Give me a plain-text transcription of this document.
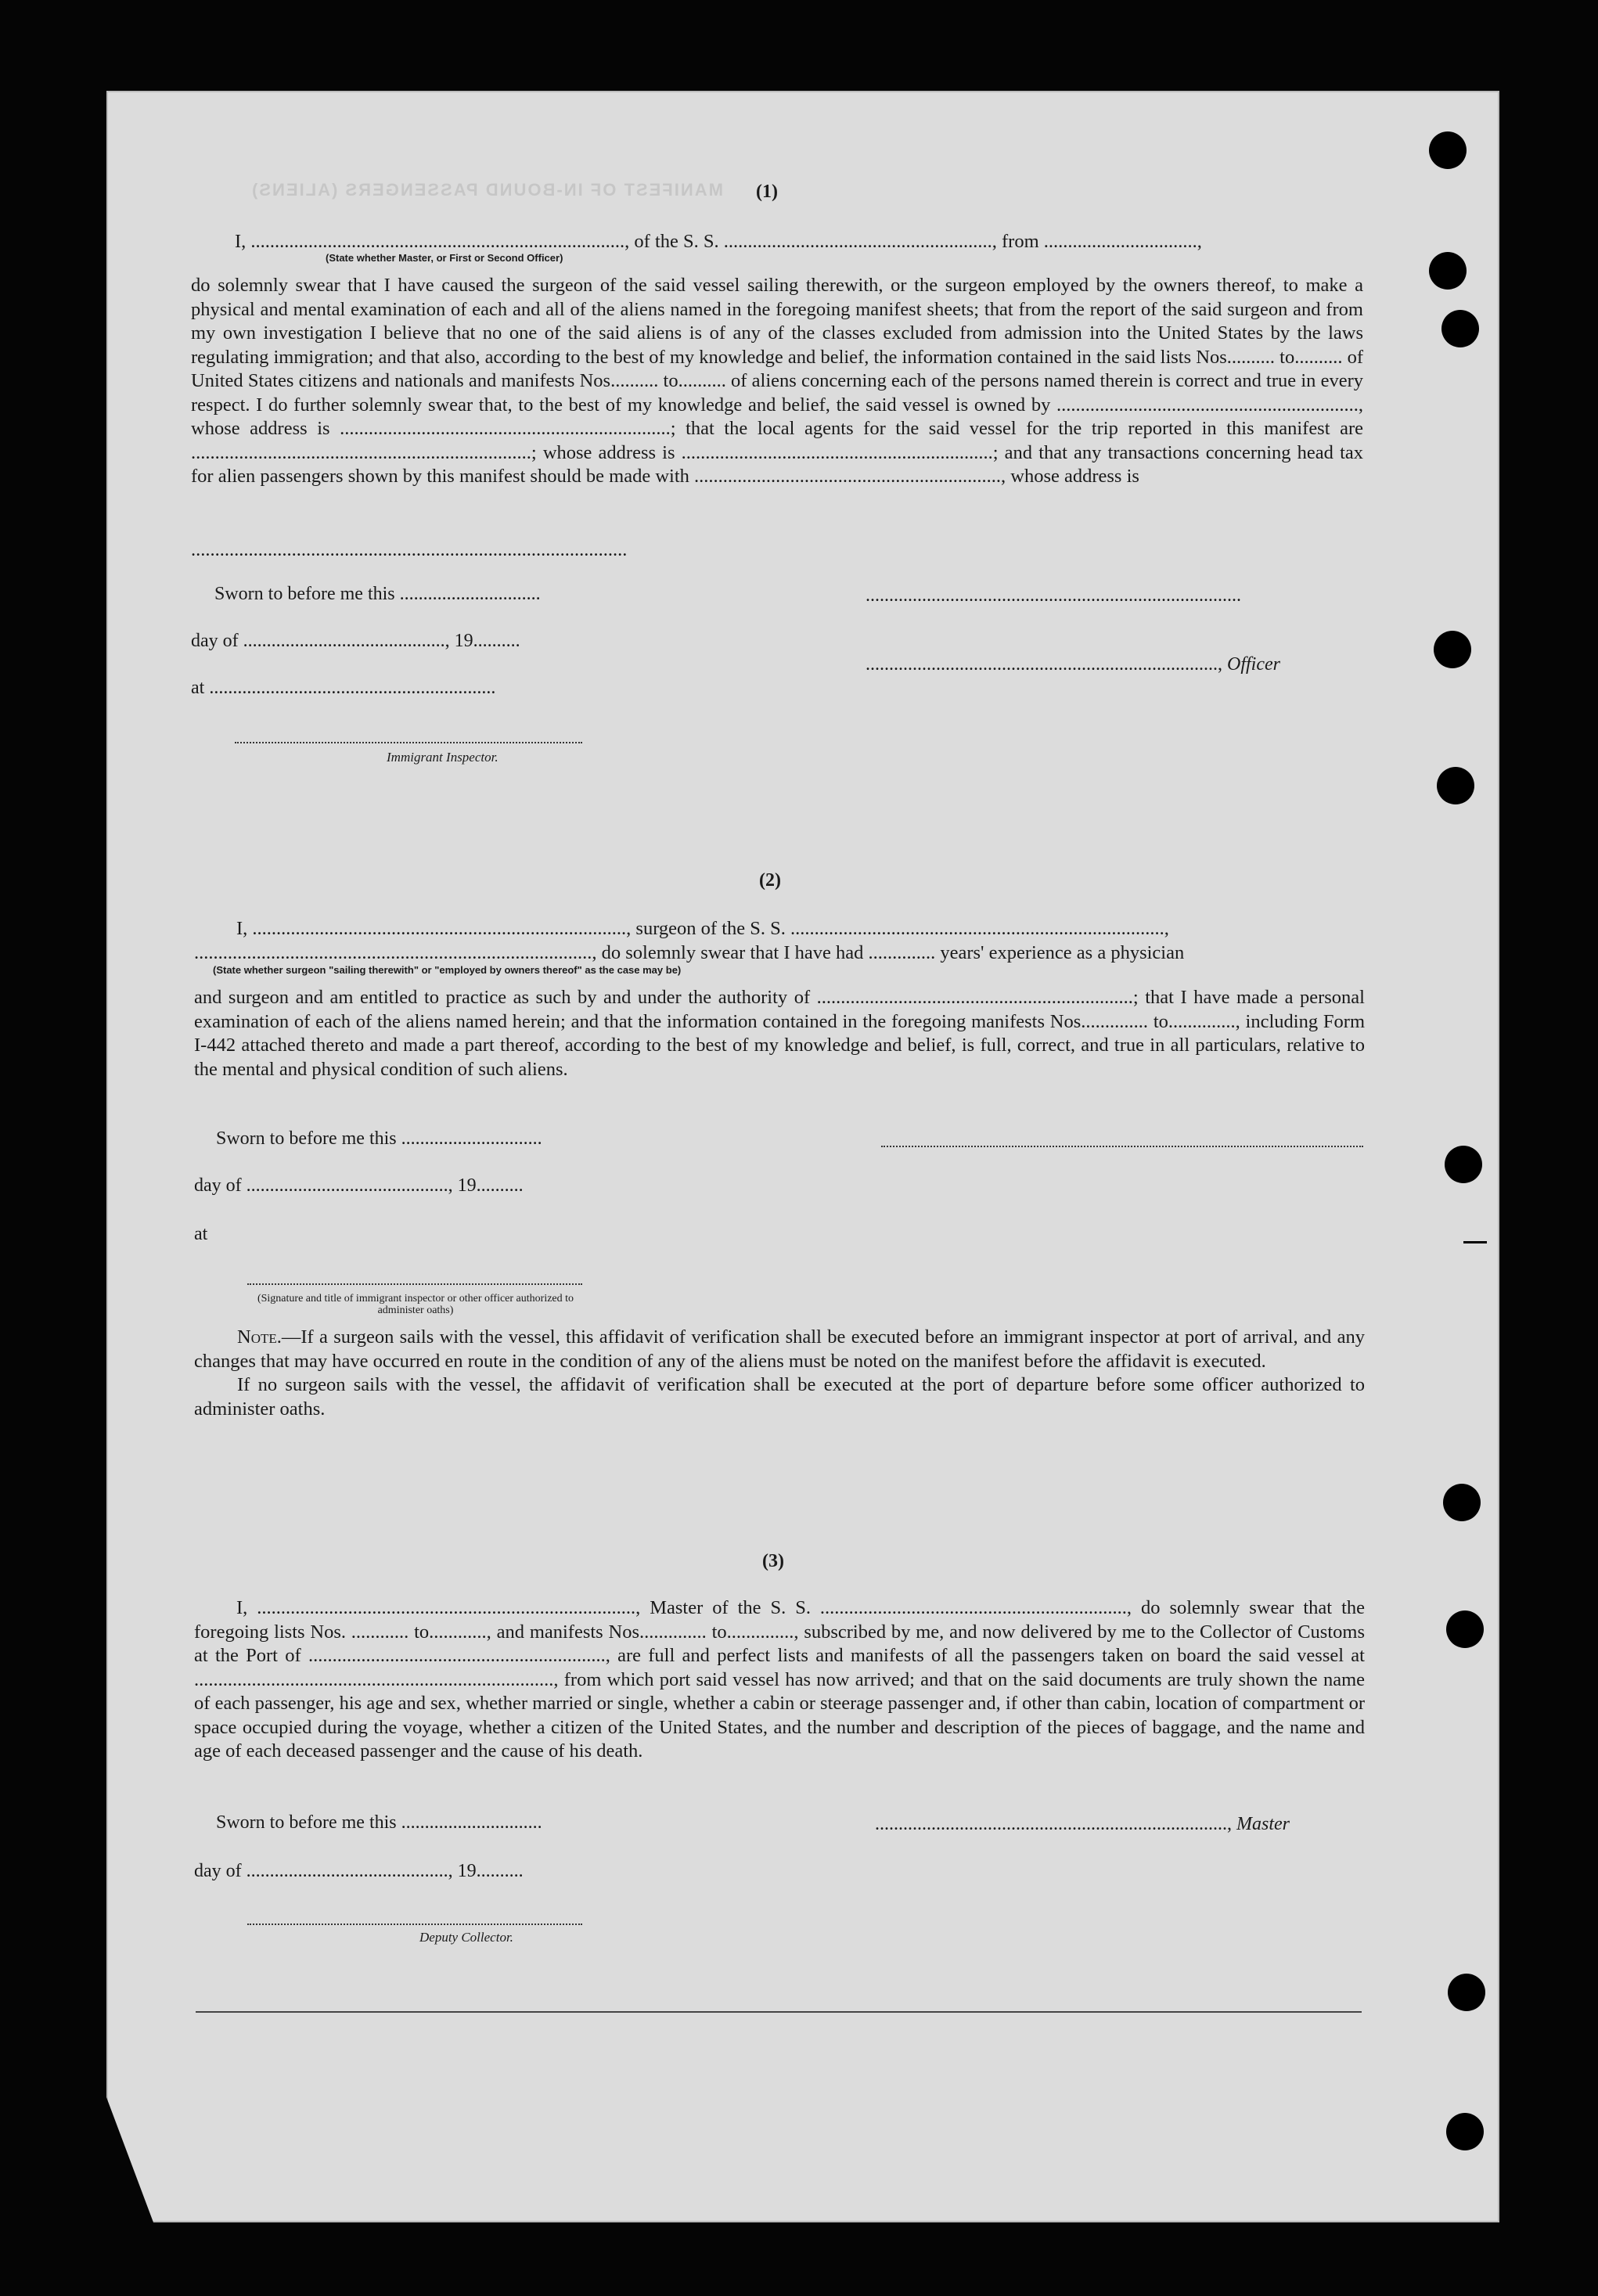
MANIFEST OF IN-BOUND PASSENGERS (ALIENS) (1)
I, .............................................................................., of the S. S. ........................................................, from ................................,
(State whether Master, or First or Second Officer)
do solemnly swear that I have caused the surgeon of the said vessel sailing therewith, or the surgeon employed by the owners thereof, to make a physical and mental examination of each and all of the aliens named in the foregoing manifest sheets; that from the report of the said surgeon and from my own investigation I believe that no one of the said aliens is of any of the classes excluded from admission into the United States by the laws regulating immigration; and that also, according to the best of my knowledge and belief, the information contained in the said lists Nos.......... to.......... of United States citizens and nationals and manifests Nos.......... to.......... of aliens concerning each of the persons named therein is correct and true in every respect. I do further solemnly swear that, to the best of my knowledge and belief, the said vessel is owned by ..............................................................., whose address is .....................................................................; that the local agents for the said vessel for the trip reported in this manifest are .......................................................................; whose address is .................................................................; and that any transactions concerning head tax for alien passengers shown by this manifest should be made with ................................................................, whose address is
...........................................................................................
Sworn to before me this ..............................
day of ..........................................., 19..........
at .............................................................
Immigrant Inspector.
................................................................................
..........................................................................., Officer
(2)
I, .............................................................................., surgeon of the S. S. ..............................................................................,
..................................................................................., do solemnly swear that I have had .............. years' experience as a physician
(State whether surgeon "sailing therewith" or "employed by owners thereof" as the case may be)
and surgeon and am entitled to practice as such by and under the authority of ..................................................................; that I have made a personal examination of each of the aliens named herein; and that the information contained in the foregoing manifests Nos.............. to.............., including Form I-442 attached thereto and made a part thereof, according to the best of my knowledge and belief, is full, correct, and true in all particulars, relative to the mental and physical condition of such aliens.
Sworn to before me this ..............................
day of ..........................................., 19..........
at
(Signature and title of immigrant inspector or other officer authorized to administer oaths)
Note.—If a surgeon sails with the vessel, this affidavit of verification shall be executed before an immigrant inspector at port of arrival, and any changes that may have occurred en route in the condition of any of the aliens must be noted on the manifest before the affidavit is executed.
If no surgeon sails with the vessel, the affidavit of verification shall be executed at the port of departure before some officer authorized to administer oaths.
(3)
I, ..............................................................................., Master of the S. S. ................................................................, do solemnly swear that the foregoing lists Nos. ............ to............, and manifests Nos.............. to.............., subscribed by me, and now delivered by me to the Collector of Customs at the Port of .............................................................., are full and perfect lists and manifests of all the passengers taken on board the said vessel at ..........................................................................., from which port said vessel has now arrived; and that on the said documents are truly shown the name of each passenger, his age and sex, whether married or single, whether a cabin or steerage passenger and, if other than cabin, location of compartment or space occupied during the voyage, whether a citizen of the United States, and the number and description of the pieces of baggage, and the name and age of each deceased passenger and the cause of his death.
Sworn to before me this ..............................
day of ..........................................., 19..........
Deputy Collector.
..........................................................................., Master
